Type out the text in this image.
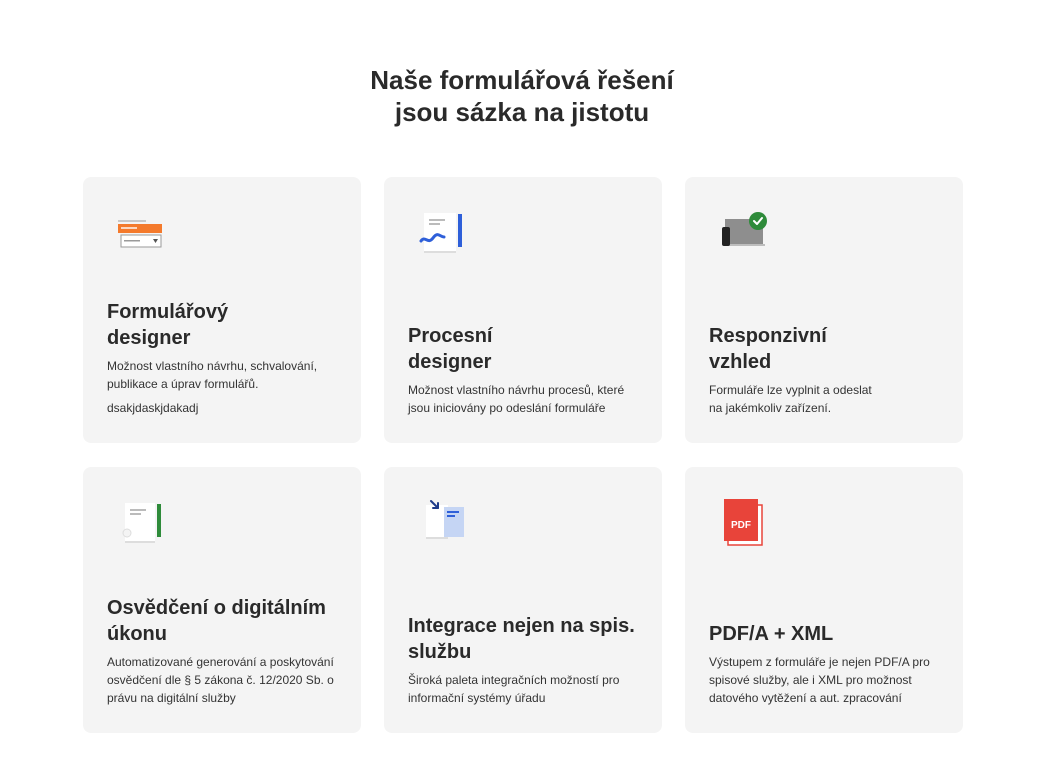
Naše formulářová řešení
jsou sázka na jistotu

Formulářový
designer

Možnost vlastního návrhu, schvalování,
publikace a úprav formulářů.

dsakjdaskjdakadj

Procesní
designer

Možnost vlastního návrhu procesů, které
jsou iniciovány po odeslání formuláře

Responzivní
vzhled

Formuláře lze vyplnit a odeslat
na jakémkoliv zařízení.

Osvědčení o digitálním
úkonu

Automatizované generování a poskytování
osvědčení dle § 5 zákona č. 12/2020 Sb. o
právu na digitální služby

Integrace nejen na spis.
službu

Široká paleta integračních možností pro
informační systémy úřadu

PDF

PDF/A + XML

Výstupem z formuláře je nejen PDF/A pro
spisové služby, ale i XML pro možnost
datového vytěžení a aut. zpracování
